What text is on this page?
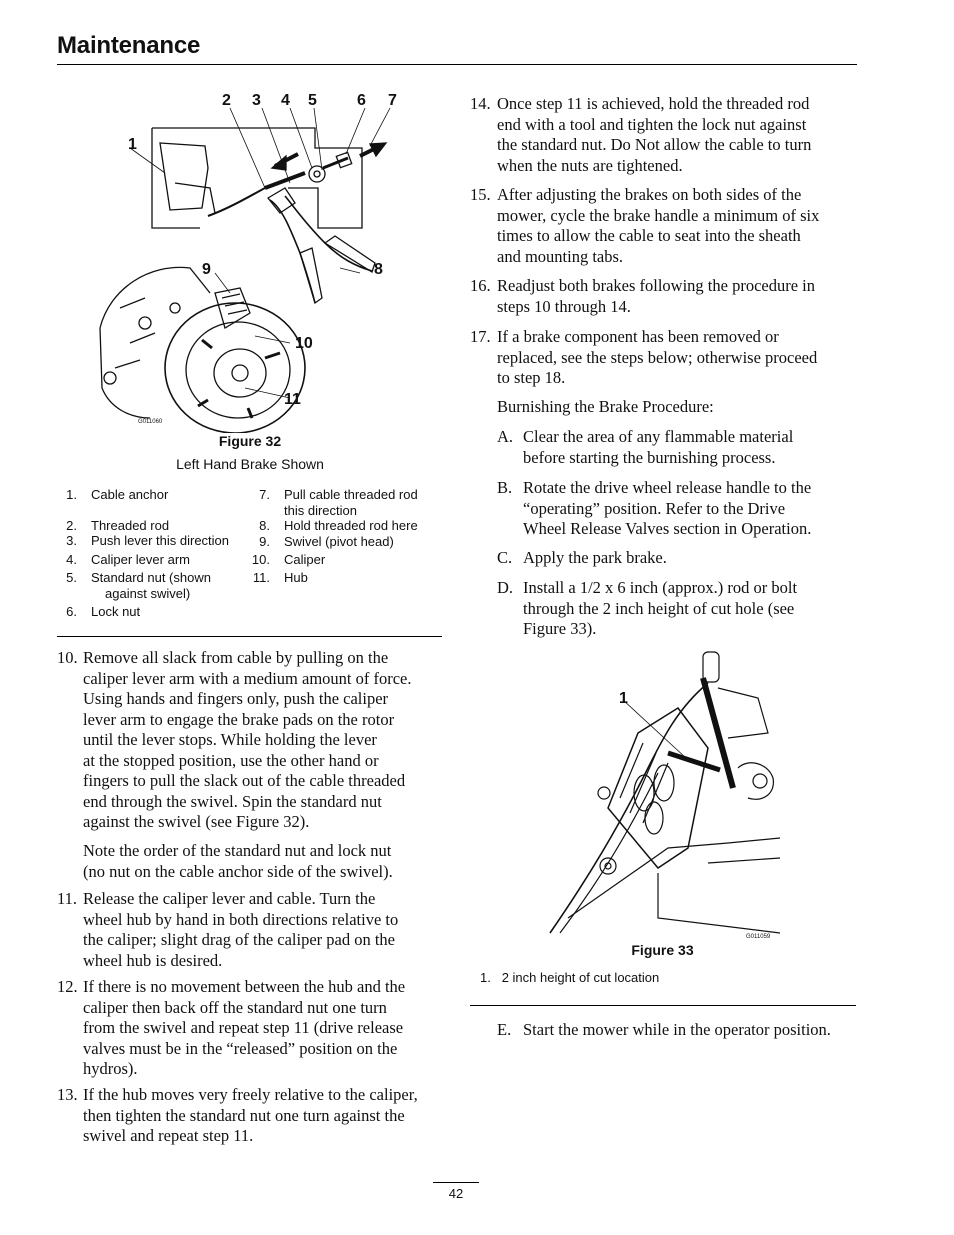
Maintenance
G011060
1
2 3 4 5	6 7
8
9
10
11
Figure 32
Left Hand Brake Shown
1. Cable anchor
2. Threaded rod
3. Push lever this direction
4. Caliper lever arm
5. Standard nut (shown
against swivel)
6. Lock nut
7. Pull cable threaded rod
this direction
8. Hold threaded rod here
9. Swivel (pivot head)
10. Caliper
11. Hub
10. Remove all slack from cable by pulling on the
caliper lever arm with a medium amount of force.
Using hands and fingers only, push the caliper
lever arm to engage the brake pads on the rotor
until the lever stops. While holding the lever
at the stopped position, use the other hand or
fingers to pull the slack out of the cable threaded
end through the swivel. Spin the standard nut
against the swivel (see Figure 32).
Note the order of the standard nut and lock nut
(no nut on the cable anchor side of the swivel).
11. Release the caliper lever and cable. Turn the
wheel hub by hand in both directions relative to
the caliper; slight drag of the caliper pad on the
wheel hub is desired.
12. If there is no movement between the hub and the
caliper then back off the standard nut one turn
from the swivel and repeat step 11 (drive release
valves must be in the “released” position on the
hydros).
13. If the hub moves very freely relative to the caliper,
then tighten the standard nut one turn against the
swivel and repeat step 11.
14. Once step 11 is achieved, hold the threaded rod
end with a tool and tighten the lock nut against
the standard nut. Do Not allow the cable to turn
when the nuts are tightened.
15. After adjusting the brakes on both sides of the
mower, cycle the brake handle a minimum of six
times to allow the cable to seat into the sheath
and mounting tabs.
16. Readjust both brakes following the procedure in
steps 10 through 14.
17. If a brake component has been removed or
replaced, see the steps below; otherwise proceed
to step 18.
Burnishing the Brake Procedure:
A. Clear the area of any flammable material
before starting the burnishing process.
B. Rotate the drive wheel release handle to the
“operating” position. Refer to the Drive
Wheel Release Valves section in Operation.
C. Apply the park brake.
D. Install a 1/2 x 6 inch (approx.) rod or bolt
through the 2 inch height of cut hole (see
Figure 33).
G011059
1
Figure 33
1. 2 inch height of cut location
E. Start the mower while in the operator position.
42
